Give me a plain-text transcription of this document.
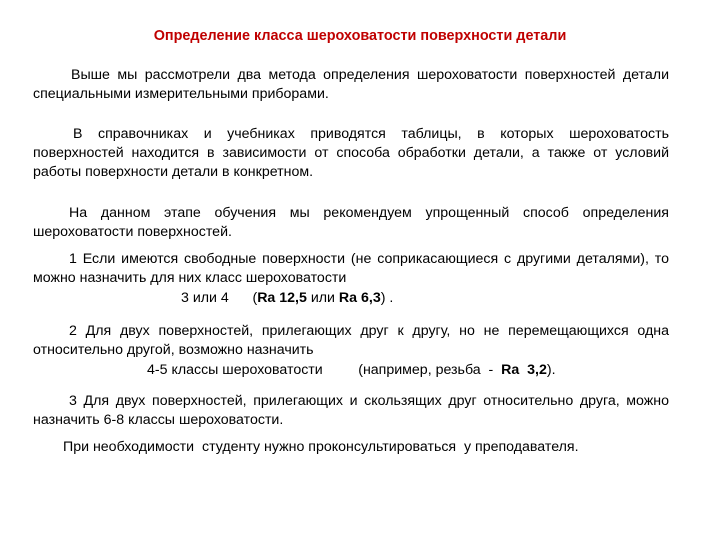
Определение класса шероховатости поверхности детали

Выше мы рассмотрели два метода определения шероховатости поверхностей детали специальными измерительными приборами.

В справочниках и учебниках приводятся таблицы, в которых шероховатость поверхностей находится в зависимости от способа обработки детали, а также от условий работы поверхности детали в конкретном.

На данном этапе обучения мы рекомендуем упрощенный способ определения шероховатости поверхностей.

1 Если имеются свободные поверхности (не соприкасающиеся с другими деталями), то можно назначить для них класс шероховатости

3 или 4 (Ra 12,5 или Ra 6,3) .

2 Для двух поверхностей, прилегающих друг к другу, но не перемещающихся одна относительно другой, возможно назначить

4-5 классы шероховатости (например, резьба  -  Ra  3,2).

3 Для двух поверхностей, прилегающих и скользящих друг относительно друга, можно назначить 6-8 классы шероховатости.

При необходимости  студенту нужно проконсультироваться  у преподавателя.
